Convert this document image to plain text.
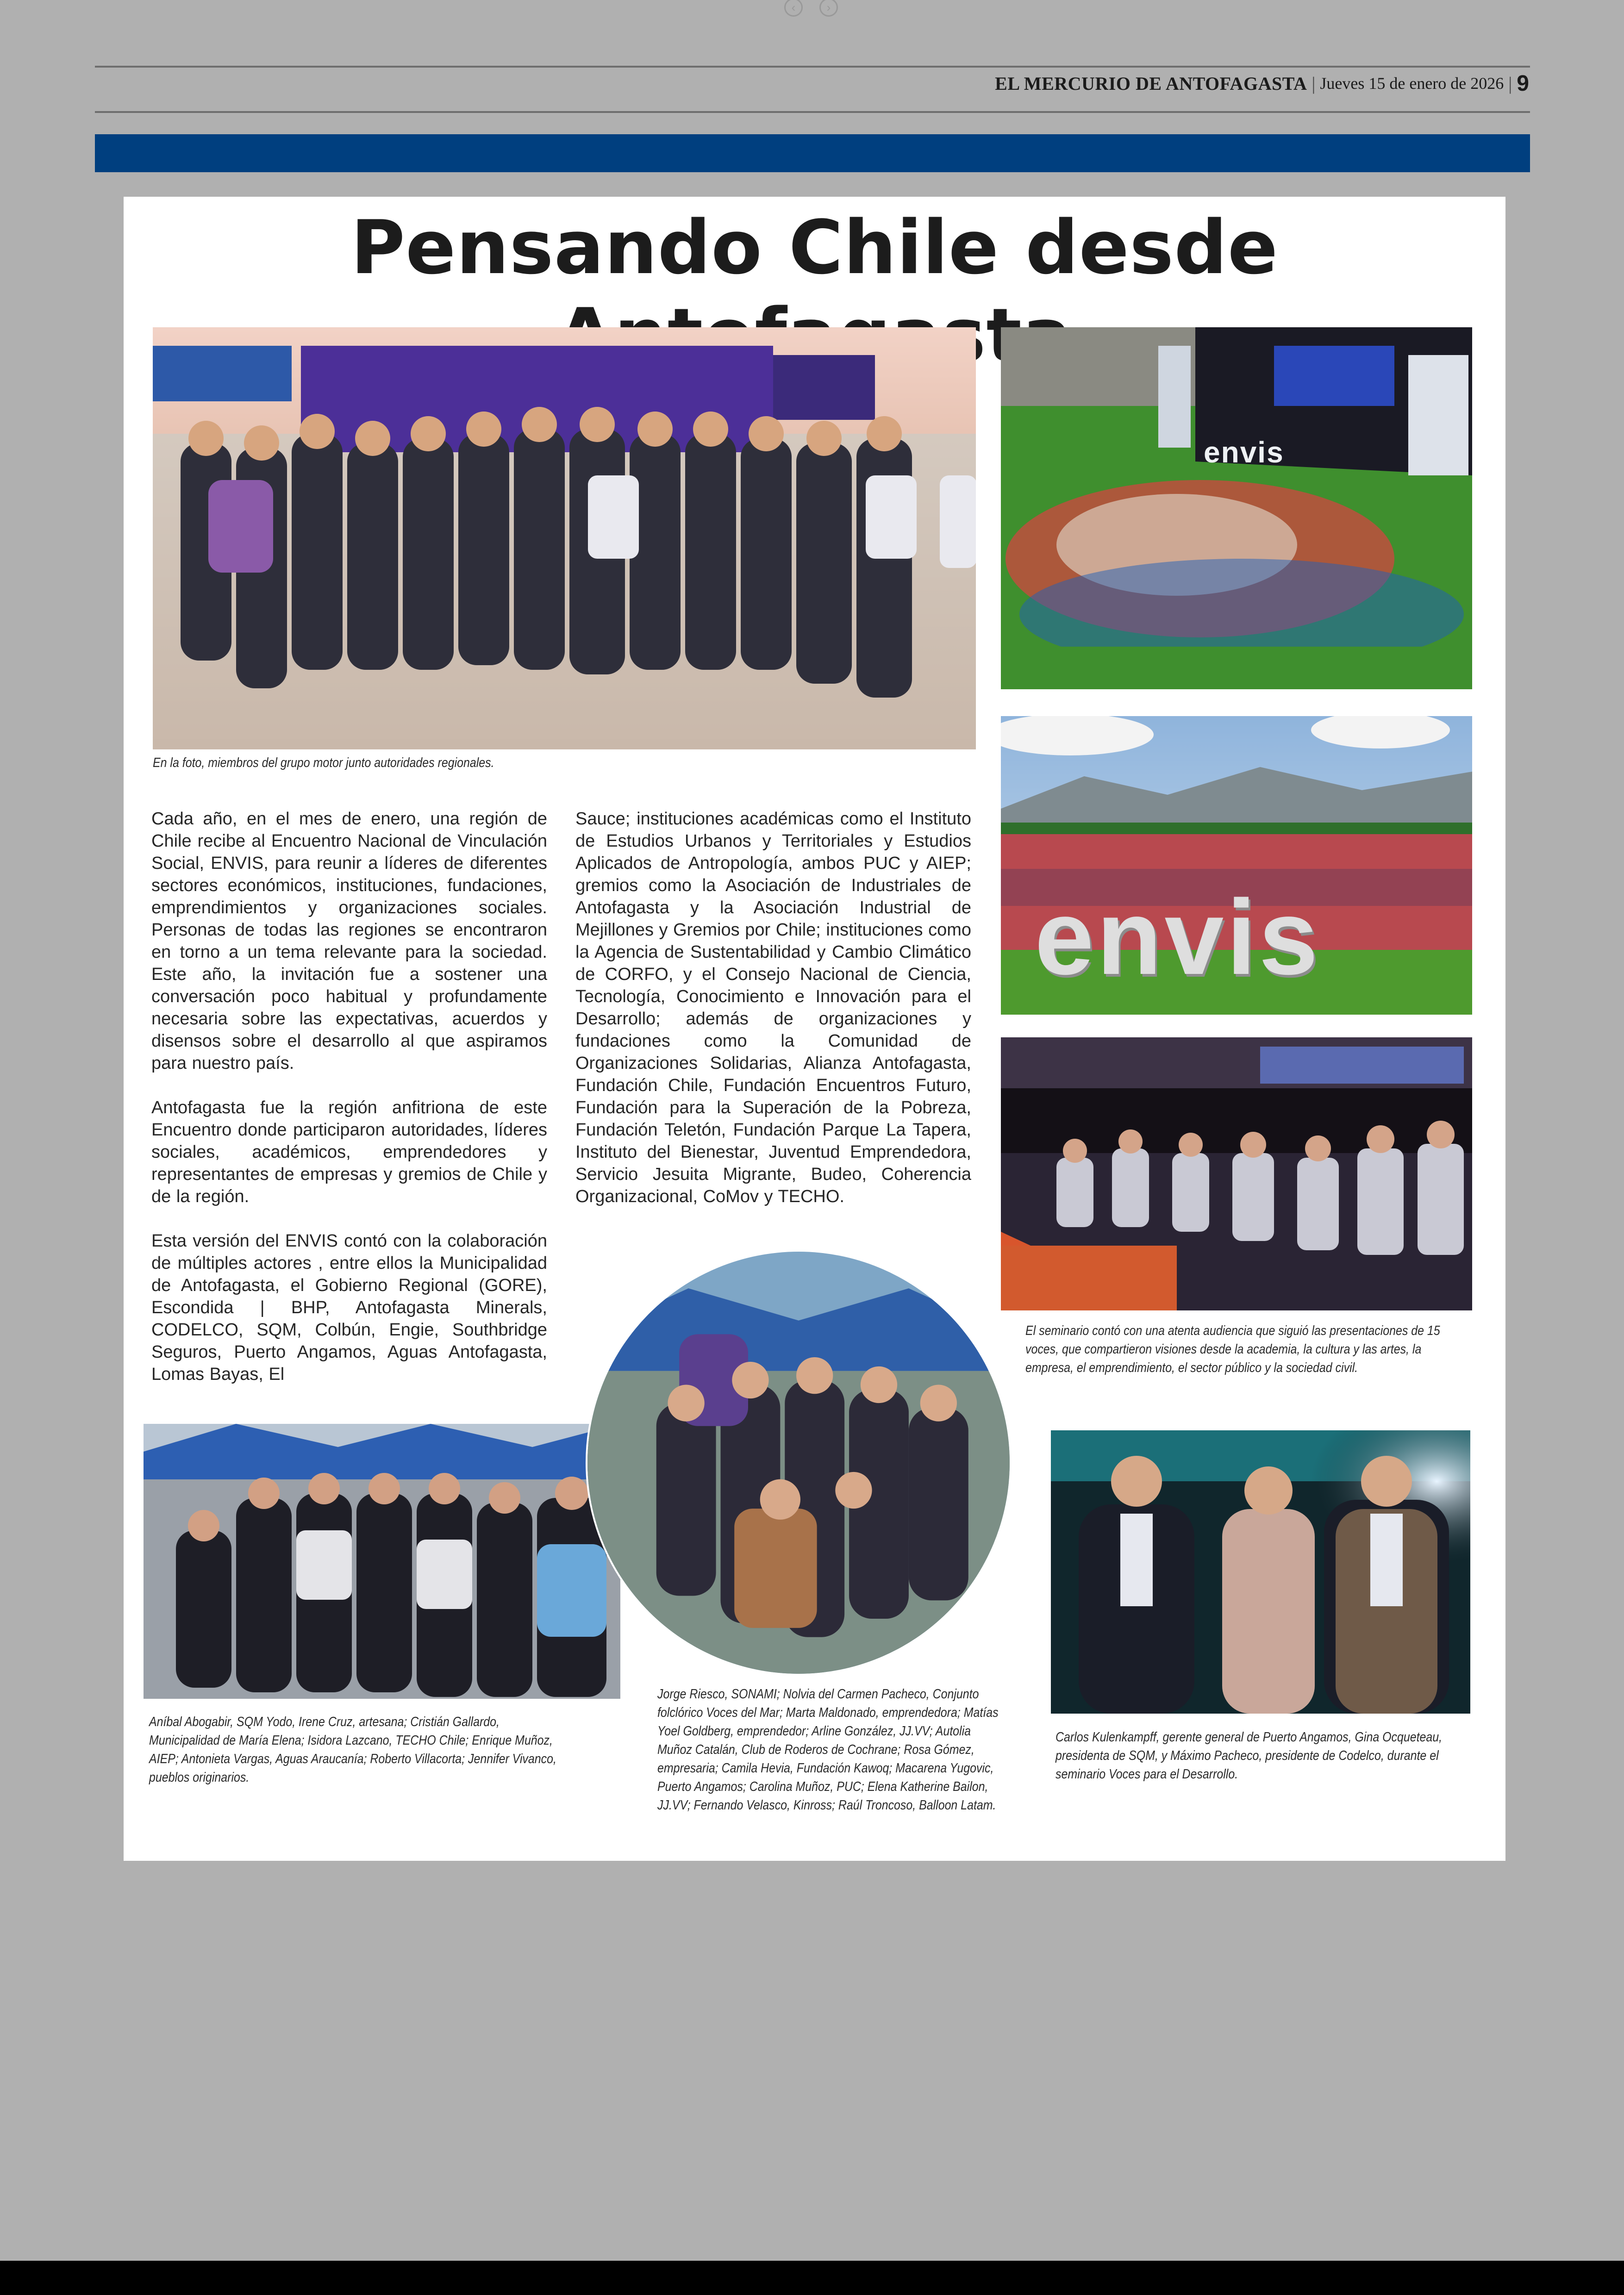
‹	›
EL MERCURIO DE ANTOFAGASTA | Jueves 15 de enero de 2026 | 9
Pensando Chile desde
En la foto, miembros del grupo motor junto autoridades regionales.
envis
envis
El seminario contó con una atenta audiencia que siguió las presentaciones de 15 voces, que compartieron visiones desde la academia, la cultura y las artes, la empresa, el emprendimiento, el sector público y la sociedad civil.

Cada año, en el mes de enero, una región de Chile recibe al Encuentro Nacional de Vinculación Social, ENVIS, para reunir a líderes de diferentes sectores económicos, instituciones, fundaciones, emprendimientos y organizaciones sociales. Personas de todas las regiones se encontraron en torno a un tema relevante para la sociedad. Este año, la invitación fue a sostener una conversación poco habitual y profundamente necesaria sobre las expectativas, acuerdos y disensos sobre el desarrollo al que aspiramos para nuestro país.

Antofagasta fue la región anfitriona de este Encuentro donde participaron autoridades, líderes sociales, académicos, emprendedores y representantes de empresas y gremios de Chile y de la región.

Esta versión del ENVIS contó con la colaboración de múltiples actores , entre ellos la Municipalidad de Antofagasta, el Gobierno Regional (GORE), Escondida | BHP, Antofagasta Minerals, CODELCO, SQM, Colbún, Engie, Southbridge Seguros, Puerto Angamos, Aguas Antofagasta, Lomas Bayas, El

Sauce; instituciones académicas como el Instituto de Estudios Urbanos y Territoriales y Estudios Aplicados de Antropología, ambos PUC y AIEP; gremios como la Asociación de Industriales de Antofagasta y la Asociación Industrial de Mejillones y Gremios por Chile; instituciones como la Agencia de Sustentabilidad y Cambio Climático de CORFO, y el Consejo Nacional de Ciencia, Tecnología, Conocimiento e Innovación para el Desarrollo; además de organizaciones y fundaciones como la Comunidad de Organizaciones Solidarias, Alianza Antofagasta, Fundación Chile, Fundación Encuentros Futuro, Fundación para la Superación de la Pobreza, Fundación Teletón, Fundación Parque La Tapera, Instituto del Bienestar, Juventud Emprendedora, Servicio Jesuita Migrante, Budeo, Coherencia Organizacional, CoMov y TECHO.

Aníbal Abogabir, SQM Yodo, Irene Cruz, artesana; Cristián Gallardo, Municipalidad de María Elena; Isidora Lazcano, TECHO Chile; Enrique Muñoz, AIEP; Antonieta Vargas, Aguas Araucanía; Roberto Villacorta; Jennifer Vivanco, pueblos originarios.
Jorge Riesco, SONAMI; Nolvia del Carmen Pacheco, Conjunto folclórico Voces del Mar; Marta Maldonado, emprendedora; Matías Yoel Goldberg, emprendedor; Arline González, JJ.VV; Autolia Muñoz Catalán, Club de Roderos de Cochrane; Rosa Gómez, empresaria; Camila Hevia, Fundación Kawoq; Macarena Yugovic, Puerto Angamos; Carolina Muñoz, PUC; Elena Katherine Bailon, JJ.VV; Fernando Velasco, Kinross; Raúl Troncoso, Balloon Latam.
Carlos Kulenkampff, gerente general de Puerto Angamos, Gina Ocqueteau, presidenta de SQM, y Máximo Pacheco, presidente de Codelco, durante el seminario Voces para el Desarrollo.
